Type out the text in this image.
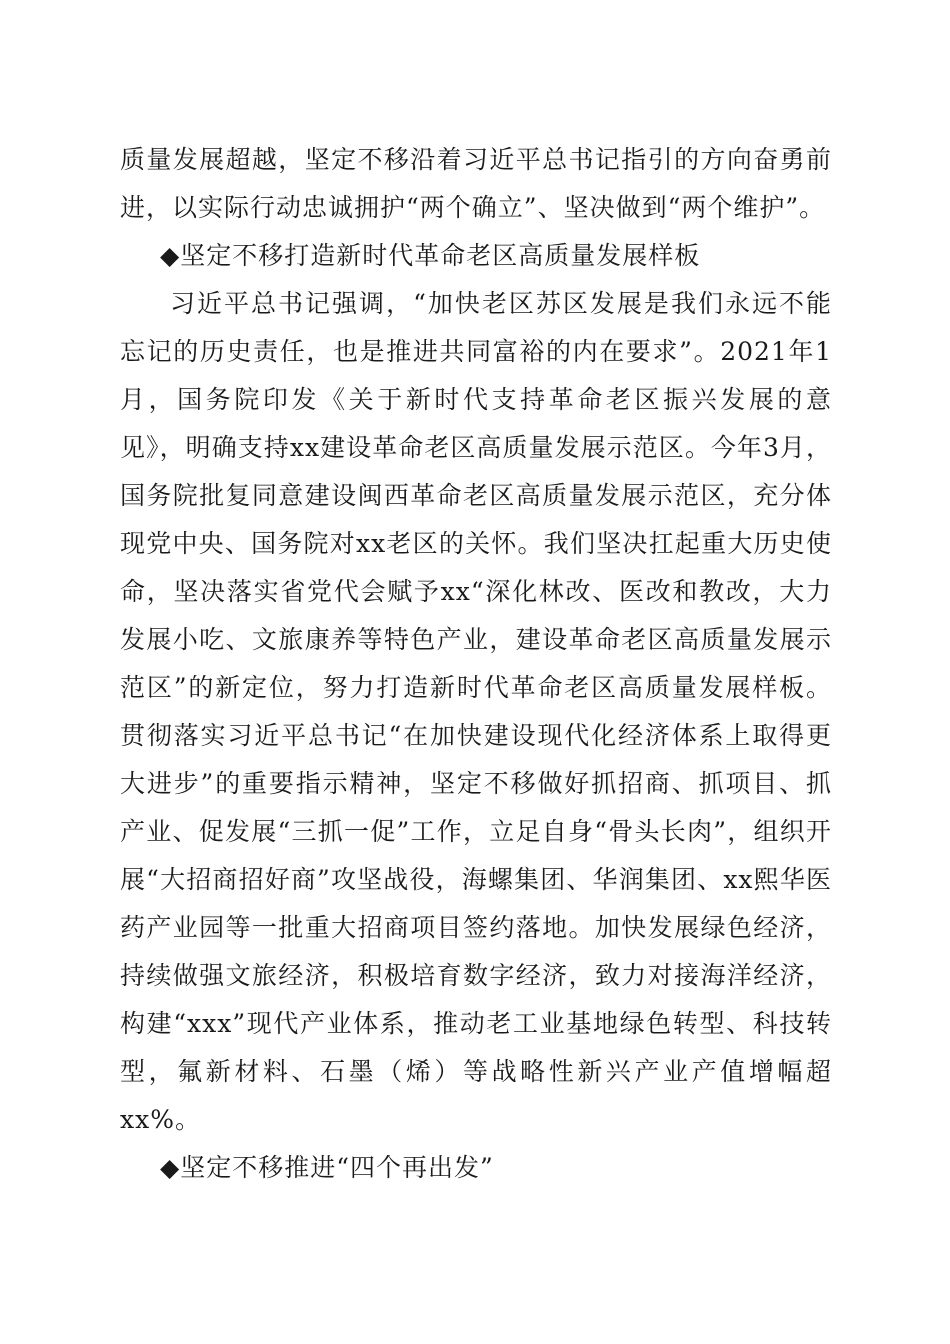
质量发展超越，坚定不移沿着习近平总书记指引的方向奋勇前进，以实际行动忠诚拥护“两个确立”、坚决做到“两个维护”。

◆坚定不移打造新时代革命老区高质量发展样板

习近平总书记强调，“加快老区苏区发展是我们永远不能忘记的历史责任，也是推进共同富裕的内在要求”。2021年1月，国务院印发《关于新时代支持革命老区振兴发展的意见》，明确支持xx建设革命老区高质量发展示范区。今年3月，国务院批复同意建设闽西革命老区高质量发展示范区，充分体现党中央、国务院对xx老区的关怀。我们坚决扛起重大历史使命，坚决落实省党代会赋予xx“深化林改、医改和教改，大力发展小吃、文旅康养等特色产业，建设革命老区高质量发展示范区”的新定位，努力打造新时代革命老区高质量发展样板。贯彻落实习近平总书记“在加快建设现代化经济体系上取得更大进步”的重要指示精神，坚定不移做好抓招商、抓项目、抓产业、促发展“三抓一促”工作，立足自身“骨头长肉”，组织开展“大招商招好商”攻坚战役，海螺集团、华润集团、xx熙华医药产业园等一批重大招商项目签约落地。加快发展绿色经济，持续做强文旅经济，积极培育数字经济，致力对接海洋经济，构建“xxx”现代产业体系，推动老工业基地绿色转型、科技转型，氟新材料、石墨（烯）等战略性新兴产业产值增幅超xx%。

◆坚定不移推进“四个再出发”
